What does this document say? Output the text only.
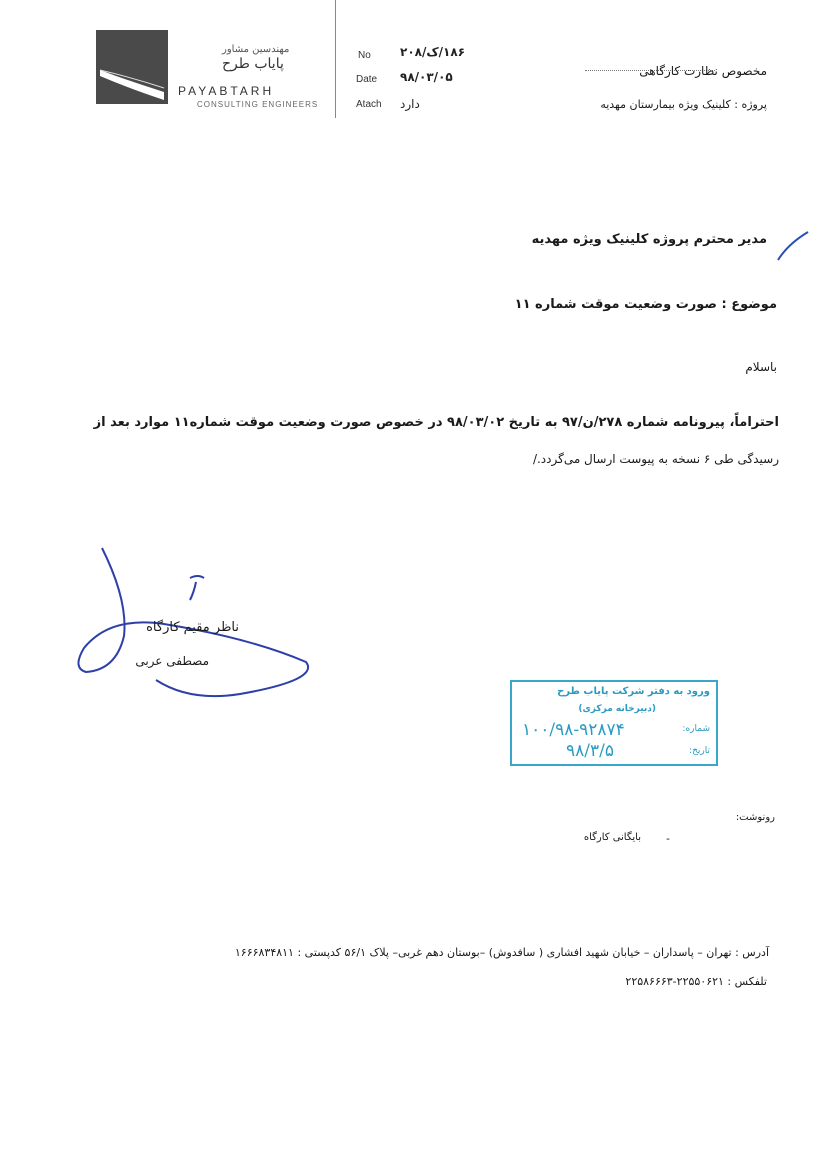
مهندسین مشاور
پایاب طرح
PAYABTARH
CONSULTING ENGINEERS
No ۱۸۶/ک/۲۰۸
Date ۹۸/۰۳/۰۵
Atach دارد
مخصوص نظارت کارگاهی
پروژه : کلینیک ویژه بیمارستان مهدیه
مدیر محترم پروژه کلینیک ویژه مهدیه
موضوع : صورت وضعیت موقت شماره ۱۱
باسلام
احتراماً، پیرونامه شماره ۲۷۸/ن/۹۷ به تاریخ ۹۸/۰۳/۰۲ در خصوص صورت وضعیت موقت شماره۱۱ موارد بعد از
رسیدگی طی ۶ نسخه به پیوست ارسال می‌گردد./
ناظر مقیم کارگاه
مصطفی عربی
ورود به دفتر شرکت پایاب طرح
(دبیرخانه مرکزی)
شماره:
۱۰۰/۹۸-۹۲۸۷۴
تاریخ:
۹۸/۳/۵
رونوشت:
-
بایگانی کارگاه
آدرس : تهران – پاسداران – خیابان شهید افشاری ( سافدوش) –بوستان دهم غربی– پلاک ۵۶/۱ کدپستی : ۱۶۶۶۸۳۴۸۱۱
تلفکس : ۲۲۵۵۰۶۲۱-۲۲۵۸۶۶۶۳
